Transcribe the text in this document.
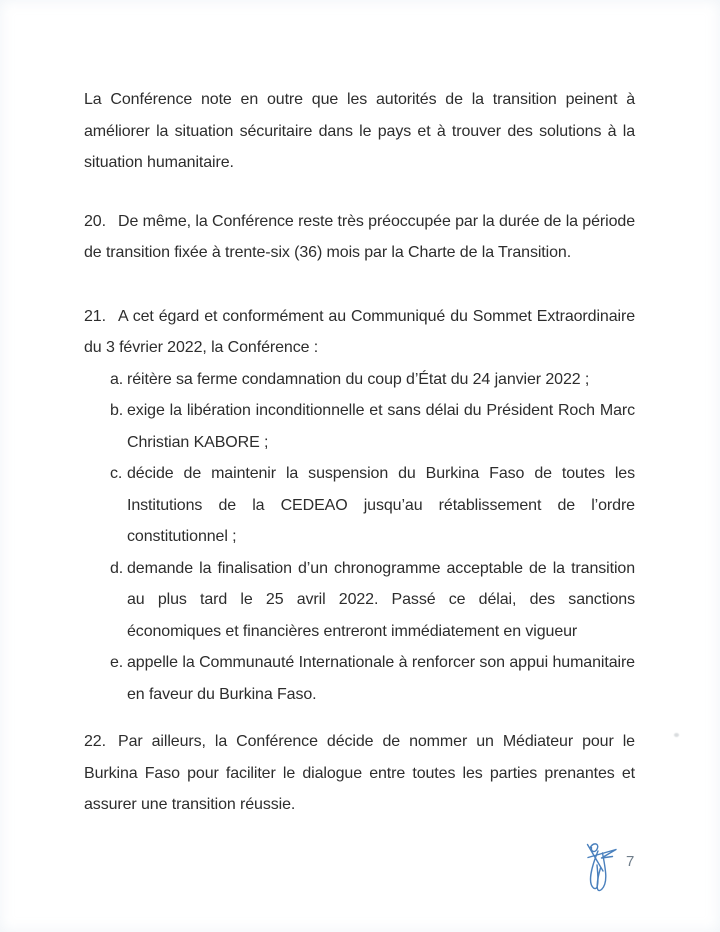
La Conférence note en outre que les autorités de la transition peinent à améliorer la situation sécuritaire dans le pays et à trouver des solutions à la situation humanitaire.

20. De même, la Conférence reste très préoccupée par la durée de la période de transition fixée à trente-six (36) mois par la Charte de la Transition.

21. A cet égard et conformément au Communiqué du Sommet Extraordinaire du 3 février 2022, la Conférence :

a. réitère sa ferme condamnation du coup d’État du 24 janvier 2022 ;
b. exige la libération inconditionnelle et sans délai du Président Roch Marc Christian KABORE ;
c. décide de maintenir la suspension du Burkina Faso de toutes les Institutions de la CEDEAO jusqu’au rétablissement de l’ordre constitutionnel ;
d. demande la finalisation d’un chronogramme acceptable de la transition au plus tard le 25 avril 2022. Passé ce délai, des sanctions économiques et financières entreront immédiatement en vigueur
e. appelle la Communauté Internationale à renforcer son appui humanitaire en faveur du Burkina Faso.

22. Par ailleurs, la Conférence décide de nommer un Médiateur pour le Burkina Faso pour faciliter le dialogue entre toutes les parties prenantes et assurer une transition réussie.

7
